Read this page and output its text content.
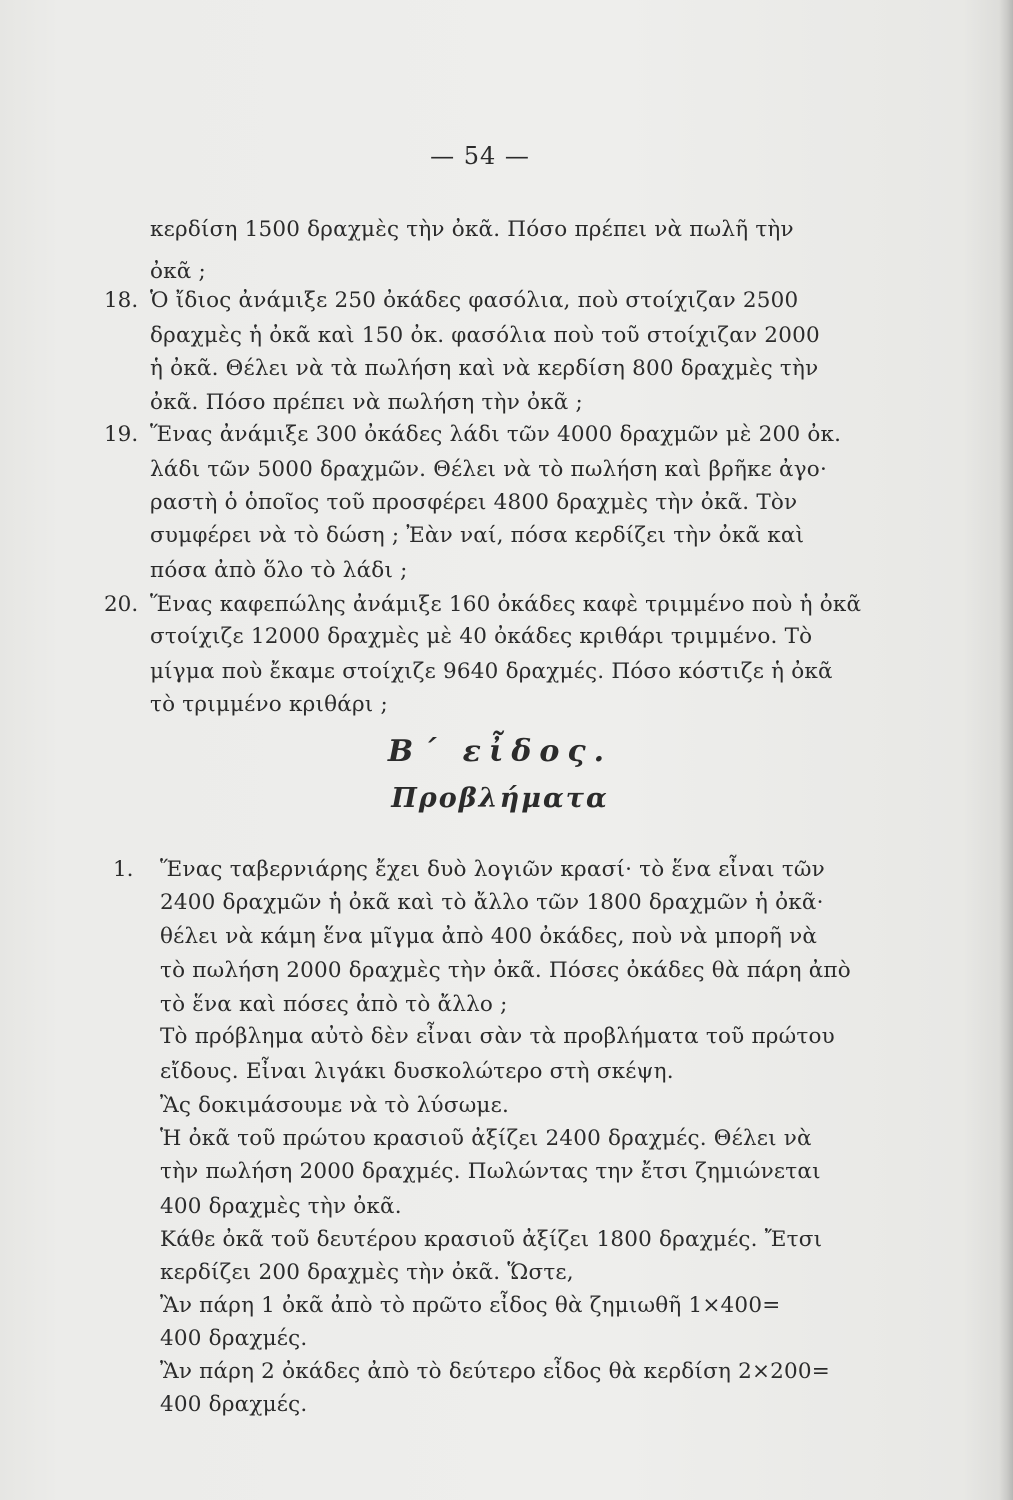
— 54 —
κερδίση 1500 δραχμὲς τὴν ὀκᾶ. Πόσο πρέπει νὰ πωλῆ τὴν
ὀκᾶ ;
18. Ὁ ἴδιος ἀνάμιξε 250 ὀκάδες φασόλια, ποὺ στοίχιζαν 2500
δραχμὲς ἡ ὀκᾶ καὶ 150 ὀκ. φασόλια ποὺ τοῦ στοίχιζαν 2000
ἡ ὀκᾶ. Θέλει νὰ τὰ πωλήση καὶ νὰ κερδίση 800 δραχμὲς τὴν
ὀκᾶ. Πόσο πρέπει νὰ πωλήση τὴν ὀκᾶ ;
19. Ἕνας ἀνάμιξε 300 ὀκάδες λάδι τῶν 4000 δραχμῶν μὲ 200 ὀκ.
λάδι τῶν 5000 δραχμῶν. Θέλει νὰ τὸ πωλήση καὶ βρῆκε ἀγο·
ραστὴ ὁ ὁποῖος τοῦ προσφέρει 4800 δραχμὲς τὴν ὀκᾶ. Τὸν
συμφέρει νὰ τὸ δώση ; Ἐὰν ναί, πόσα κερδίζει τὴν ὀκᾶ καὶ
πόσα ἀπὸ ὅλο τὸ λάδι ;
20. Ἕνας καφεπώλης ἀνάμιξε 160 ὀκάδες καφὲ τριμμένο ποὺ ἡ ὀκᾶ
στοίχιζε 12000 δραχμὲς μὲ 40 ὀκάδες κριθάρι τριμμένο. Τὸ
μίγμα ποὺ ἔκαμε στοίχιζε 9640 δραχμές. Πόσο κόστιζε ἡ ὀκᾶ
τὸ τριμμένο κριθάρι ;
Β΄ εἶδος.
Προβλήματα
1. Ἕνας ταβερνιάρης ἔχει δυὸ λογιῶν κρασί· τὸ ἕνα εἶναι τῶν
2400 δραχμῶν ἡ ὀκᾶ καὶ τὸ ἄλλο τῶν 1800 δραχμῶν ἡ ὀκᾶ·
θέλει νὰ κάμη ἕνα μῖγμα ἀπὸ 400 ὀκάδες, ποὺ νὰ μπορῆ νὰ
τὸ πωλήση 2000 δραχμὲς τὴν ὀκᾶ. Πόσες ὀκάδες θὰ πάρη ἀπὸ
τὸ ἕνα καὶ πόσες ἀπὸ τὸ ἄλλο ;
Τὸ πρόβλημα αὐτὸ δὲν εἶναι σὰν τὰ προβλήματα τοῦ πρώτου
εἴδους. Εἶναι λιγάκι δυσκολώτερο στὴ σκέψη.
Ἂς δοκιμάσουμε νὰ τὸ λύσωμε.
Ἡ ὀκᾶ τοῦ πρώτου κρασιοῦ ἀξίζει 2400 δραχμές. Θέλει νὰ
τὴν πωλήση 2000 δραχμές. Πωλώντας την ἔτσι ζημιώνεται
400 δραχμὲς τὴν ὀκᾶ.
Κάθε ὀκᾶ τοῦ δευτέρου κρασιοῦ ἀξίζει 1800 δραχμές. Ἔτσι
κερδίζει 200 δραχμὲς τὴν ὀκᾶ. Ὥστε,
Ἂν πάρη 1 ὀκᾶ ἀπὸ τὸ πρῶτο εἶδος θὰ ζημιωθῆ 1×400=
400 δραχμές.
Ἂν πάρη 2 ὀκάδες ἀπὸ τὸ δεύτερο εἶδος θὰ κερδίση 2×200=
400 δραχμές.
